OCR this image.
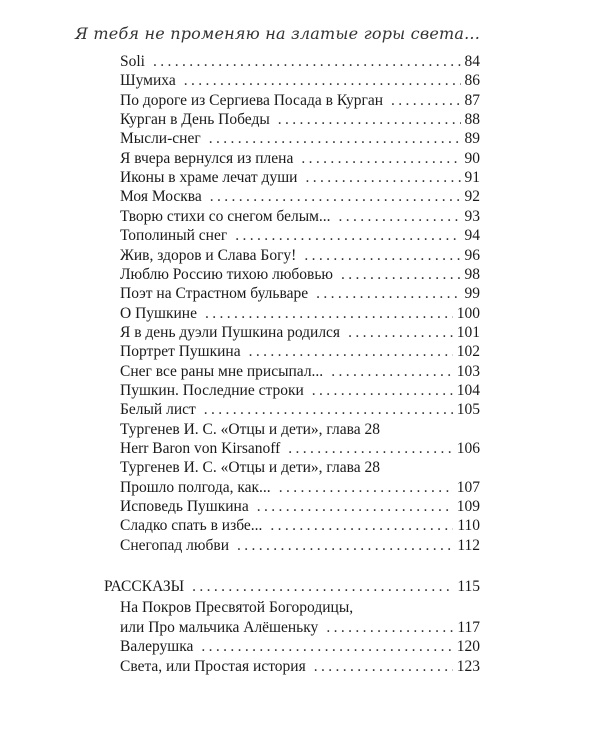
Я тебя не променяю на златые горы света...
Soli . . .	84
Шумиха . . .	86
По дороге из Сергиева Посада в Курган . . .	87
Курган в День Победы . . .	88
Мысли-снег . . .	89
Я вчера вернулся из плена . . .	90
Иконы в храме лечат души . . .	91
Моя Москва . . .	92
Творю стихи со снегом белым... . . .	93
Тополиный снег . . .	94
Жив, здоров и Слава Богу! . . .	96
Люблю Россию тихою любовью . . .	98
Поэт на Страстном бульваре . . .	99
О Пушкине . . .	100
Я в день дуэли Пушкина родился . . .	101
Портрет Пушкина . . .	102
Снег все раны мне присыпал... . . .	103
Пушкин. Последние строки . . .	104
Белый лист . . .	105
Тургенев И. С. «Отцы и дети», глава 28
Herr Baron von Kirsanoff . . .	106
Тургенев И. С. «Отцы и дети», глава 28
Прошло полгода, как... . . .	107
Исповедь Пушкина . . .	109
Сладко спать в избе... . . .	110
Снегопад любви . . .	112
РАССКАЗЫ . . .	115
На Покров Пресвятой Богородицы,
или Про мальчика Алёшеньку . . .	117
Валерушка . . .	120
Света, или Простая история . . .	123
